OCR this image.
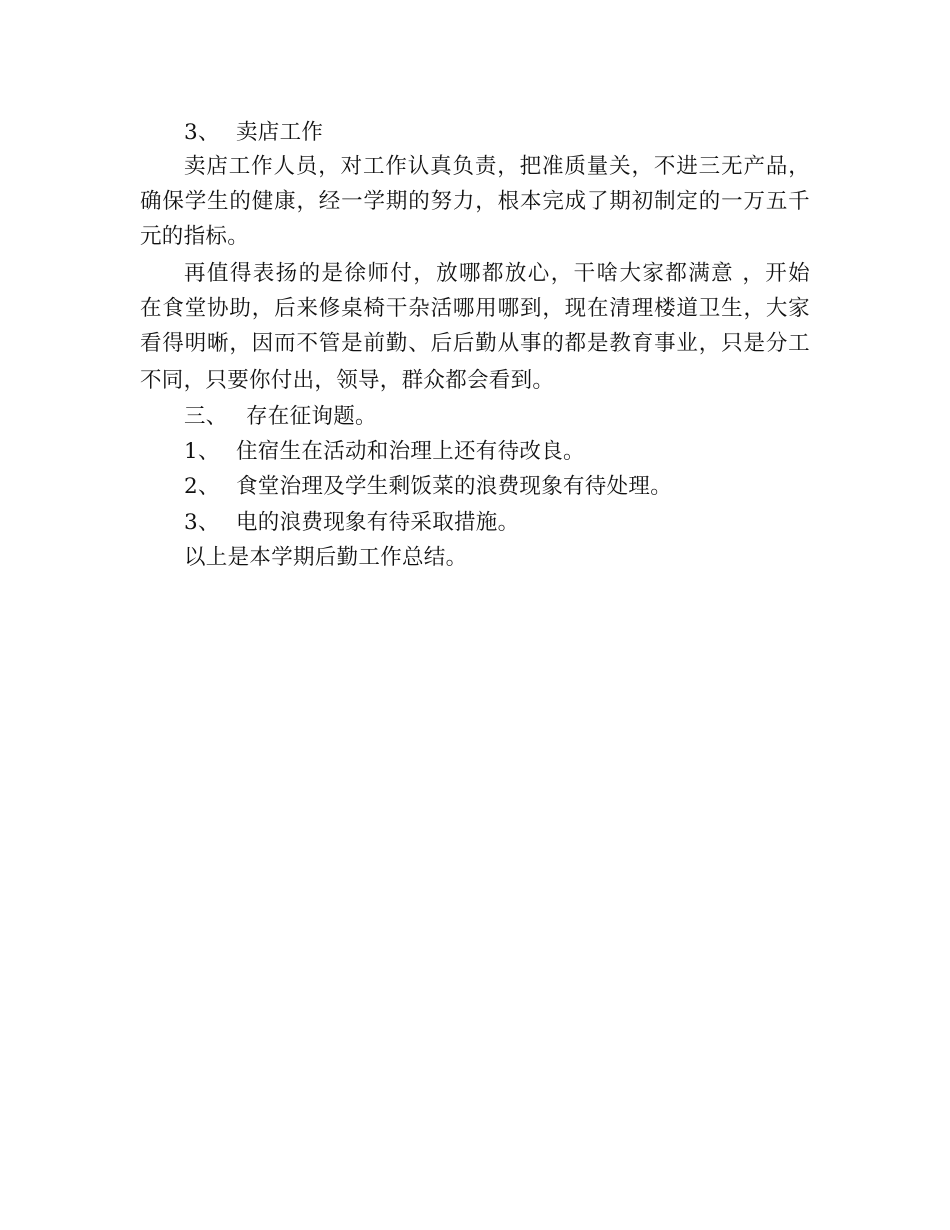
3、 卖店工作
卖店工作人员，对工作认真负责，把准质量关，不进三无产品，
确保学生的健康，经一学期的努力，根本完成了期初制定的一万五千
元的指标。
再值得表扬的是徐师付，放哪都放心，干啥大家都满意 ，开始
在食堂协助，后来修桌椅干杂活哪用哪到，现在清理楼道卫生，大家
看得明晰，因而不管是前勤、后后勤从事的都是教育事业，只是分工
不同，只要你付出，领导，群众都会看到。
三、 存在征询题。
1、 住宿生在活动和治理上还有待改良。
2、 食堂治理及学生剩饭菜的浪费现象有待处理。
3、 电的浪费现象有待采取措施。
以上是本学期后勤工作总结。
